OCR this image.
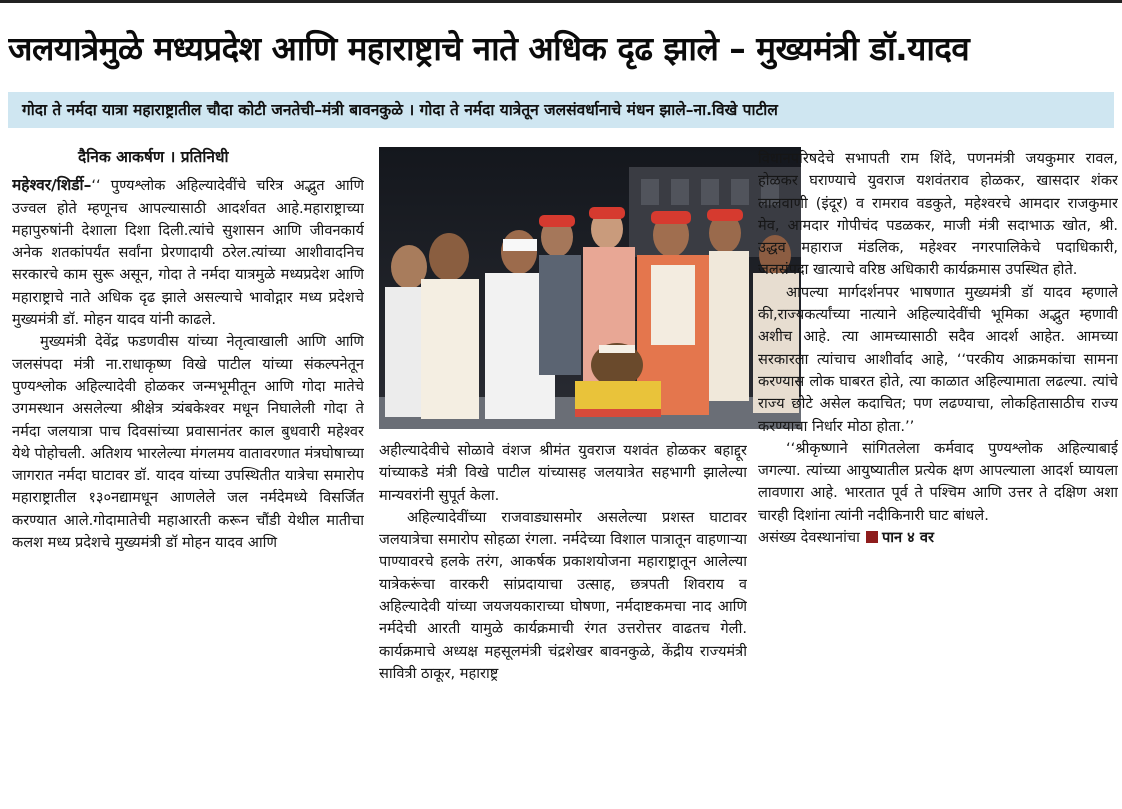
जलयात्रेमुळे मध्यप्रदेश आणि महाराष्ट्राचे नाते अधिक दृढ झाले – मुख्यमंत्री डॉ.यादव
गोदा ते नर्मदा यात्रा महाराष्ट्रातील चौदा कोटी जनतेची–मंत्री बावनकुळे । गोदा ते नर्मदा यात्रेतून जलसंवर्धानाचे मंधन झाले–ना.विखे पाटील

दैनिक आकर्षण । प्रतिनिधी

महेश्वर/शिर्डी–‘‘ पुण्यश्लोक अहिल्यादेवींचे चरित्र अद्भुत आणि उज्वल होते म्हणूनच आपल्यासाठी आदर्शवत आहे.महाराष्ट्राच्या महापुरुषांनी देशाला दिशा दिली.त्यांचे सुशासन आणि जीवनकार्य अनेक शतकांपर्यंत सर्वांना प्रेरणादायी ठरेल.त्यांच्या आशीवादनिच सरकारचे काम सुरू असून, गोदा ते नर्मदा यात्रमुळे मध्यप्रदेश आणि महाराष्ट्राचे नाते अधिक दृढ झाले असल्याचे भावोद्गार मध्य प्रदेशचे मुख्यमंत्री डॉ. मोहन यादव यांनी काढले.

मुख्यमंत्री देवेंद्र फडणवीस यांच्या नेतृत्वाखाली आणि आणि जलसंपदा मंत्री ना.राधाकृष्ण विखे पाटील यांच्या संकल्पनेतून पुण्यश्लोक अहिल्यादेवी होळकर जन्मभूमीतून आणि गोदा मातेचे उगमस्थान असलेल्या श्रीक्षेत्र त्र्यंबकेश्वर मधून निघालेली गोदा ते नर्मदा जलयात्रा पाच दिवसांच्या प्रवासानंतर काल बुधवारी महेश्वर येथे पोहोचली. अतिशय भारलेल्या मंगलमय वातावरणात मंत्रघोषाच्या जागरात नर्मदा घाटावर डॉ. यादव यांच्या उपस्थितीत यात्रेचा समारोप महाराष्ट्रातील १३०नद्यामधून आणलेले जल नर्मदेमध्ये विसर्जित करण्यात आले.गोदामातेची महाआरती करून चौंडी येथील मातीचा कलश मध्य प्रदेशचे मुख्यमंत्री डॉ मोहन यादव आणि

अहील्यादेवीचे सोळावे वंशज श्रीमंत युवराज यशवंत होळकर बहाद्दूर यांच्याकडे मंत्री विखे पाटील यांच्यासह जलयात्रेत सहभागी झालेल्या मान्यवरांनी सुपूर्त केला.

अहिल्यादेवींच्या राजवाड्यासमोर असलेल्या प्रशस्त घाटावर जलयात्रेचा समारोप सोहळा रंगला. नर्मदेच्या विशाल पात्रातून वाहणाऱ्या पाण्यावरचे हलके तरंग, आकर्षक प्रकाशयोजना महाराष्ट्रातून आलेल्या यात्रेकरूंचा वारकरी सांप्रदायाचा उत्साह, छत्रपती शिवराय व अहिल्यादेवी यांच्या जयजयकाराच्या घोषणा, नर्मदाष्टकमचा नाद आणि नर्मदेची आरती यामुळे कार्यक्रमाची रंगत उत्तरोत्तर वाढतच गेली. कार्यक्रमाचे अध्यक्ष महसूलमंत्री चंद्रशेखर बावनकुळे, केंद्रीय राज्यमंत्री सावित्री ठाकूर, महाराष्ट्र

विधानपरिषदेचे सभापती राम शिंदे, पणनमंत्री जयकुमार रावल, होळकर घराण्याचे युवराज यशवंतराव होळकर, खासदार शंकर लालवाणी (इंदूर) व रामराव वडकुते, महेश्वरचे आमदार राजकुमार मेव, आमदार गोपीचंद पडळकर, माजी मंत्री सदाभाऊ खोत, श्री. उद्धव महाराज मंडलिक, महेश्वर नगरपालिकेचे पदाधिकारी, जलसंपदा खात्याचे वरिष्ठ अधिकारी कार्यक्रमास उपस्थित होते.

आपल्या मार्गदर्शनपर भाषणात मुख्यमंत्री डॉ यादव म्हणाले की,राज्यकर्त्यांच्या नात्याने अहिल्यादेवींची भूमिका अद्भुत म्हणावी अशीच आहे. त्या आमच्यासाठी सदैव आदर्श आहेत. आमच्या सरकारला त्यांचाच आशीर्वाद आहे, ‘‘परकीय आक्रमकांचा सामना करण्यास लोक घाबरत होते, त्या काळात अहिल्यामाता लढल्या. त्यांचे राज्य छोटे असेल कदाचित; पण लढण्याचा, लोकहितासाठीच राज्य करण्याचा निर्धार मोठा होता.’’

‘‘श्रीकृष्णाने सांगितलेला कर्मवाद पुण्यश्लोक अहिल्याबाई जगल्या. त्यांच्या आयुष्यातील प्रत्येक क्षण आपल्याला आदर्श घ्यायला लावणारा आहे. भारतात पूर्व ते पश्चिम आणि उत्तर ते दक्षिण अशा चारही दिशांना त्यांनी नदीकिनारी घाट बांधले.

असंख्य देवस्थानांचा पान ४ वर
